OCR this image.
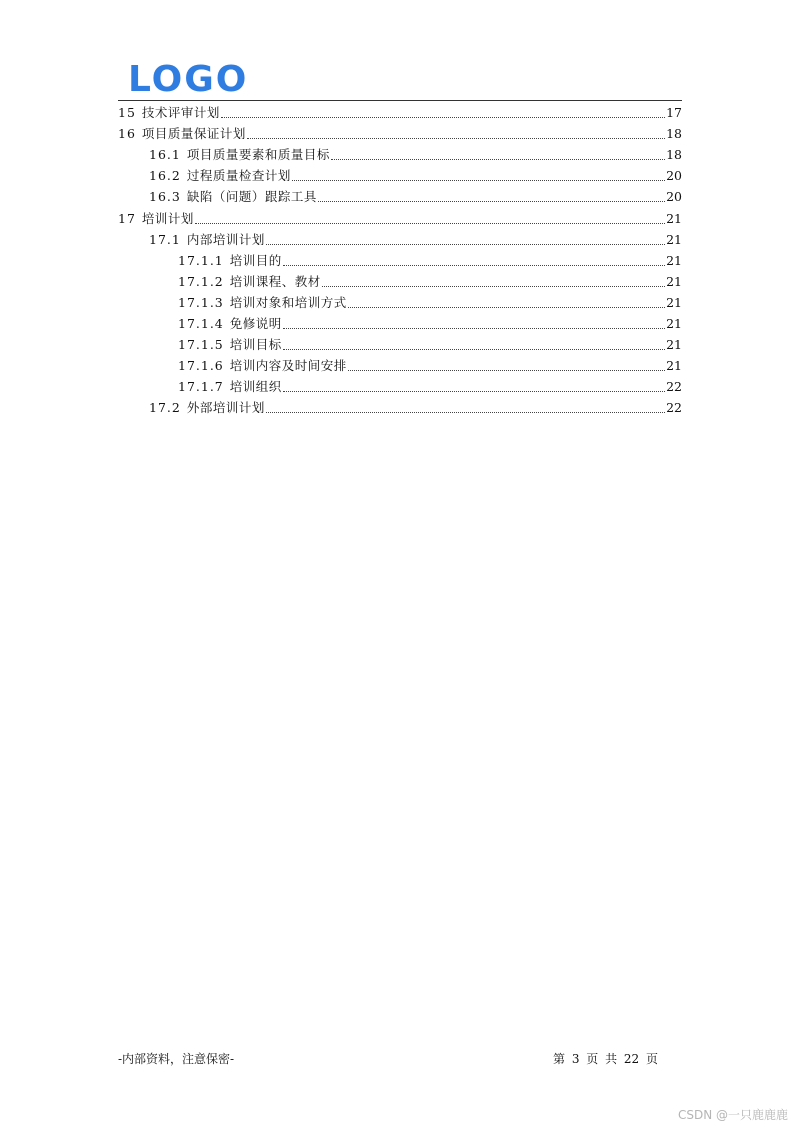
LOGO
15 技术评审计划	17
16 项目质量保证计划	18
16.1 项目质量要素和质量目标	18
16.2 过程质量检查计划	20
16.3 缺陷（问题）跟踪工具	20
17 培训计划	21
17.1 内部培训计划	21
17.1.1 培训目的	21
17.1.2 培训课程、教材	21
17.1.3 培训对象和培训方式	21
17.1.4 免修说明	21
17.1.5 培训目标	21
17.1.6 培训内容及时间安排	21
17.1.7 培训组织	22
17.2 外部培训计划	22
-内部资料，注意保密-	第 3 页 共 22 页
CSDN @一只鹿鹿鹿
